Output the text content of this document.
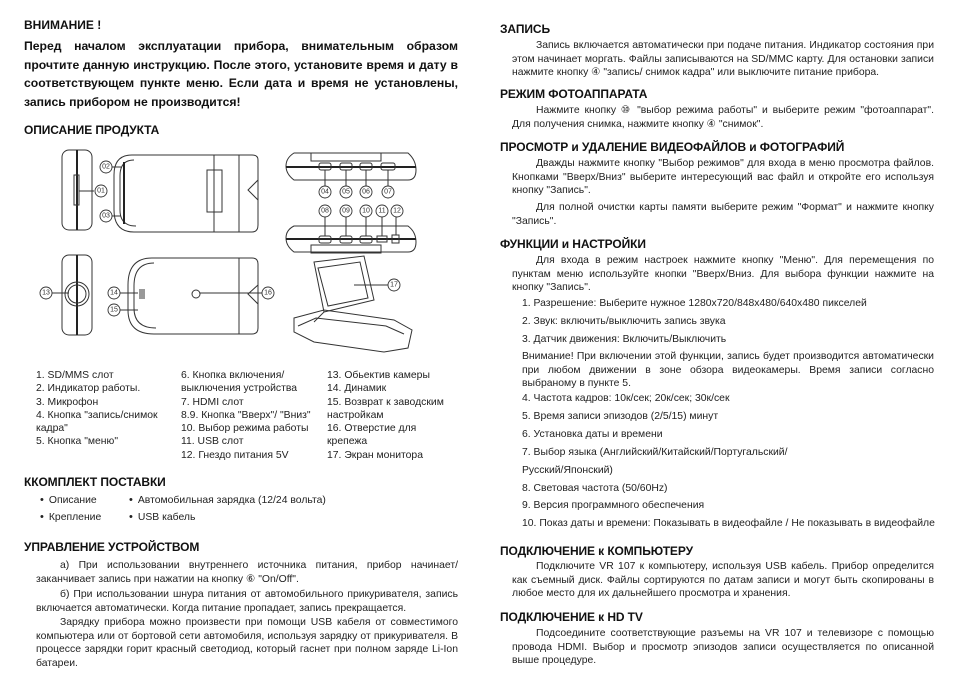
ВНИМАНИЕ !
Перед началом эксплуатации прибора, внимательным образом прочтите данную инструкцию. После этого, установите время и дату в соответствующем пункте меню. Если дата и время не установлены, запись прибором не производится!
ОПИСАНИЕ ПРОДУКТА
01
02
03
04 05 06 07
08 09 10 11 12
13	14
15
16
17
1. SD/MMS слот
2. Индикатор работы.
3. Микрофон
4. Кнопка "запись/снимок
кадра"
5. Кнопка "меню"
6. Кнопка включения/
выключения устройства
7. HDMI слот
8.9. Кнопка "Вверх"/ "Вниз"
10. Выбор режима работы
11. USB слот
12. Гнездо питания 5V
13. Обьектив камеры
14. Динамик
15. Возврат к заводским
настройкам
16. Отверстие для
крепежа
17. Экран монитора
ККОМПЛЕКТ ПОСТАВКИ
• Описание	• Автомобильная зарядка (12/24 вольта)
• Крепление	• USB кабель
УПРАВЛЕНИЕ УСТРОЙСТВОМ

а) При использовании внутреннего источника питания, прибор начинает/заканчивает запись при нажатии на кнопку ⑥ "On/Off".

б) При использовании шнура питания от автомобильного прикуривателя, запись включается автоматически. Когда питание пропадает, запись прекращается.

Зарядку прибора можно произвести при помощи USB кабеля от совместимого компьютера или от бортовой сети автомобиля, используя зарядку от прикуривателя. В процессе зарядки горит красный светодиод, который гаснет при полном заряде Li-Ion батареи.

ЗАПИСЬ

Запись включается автоматически при подаче питания. Индикатор состояния при этом начинает моргать. Файлы записываются на SD/MMC карту. Для остановки записи нажмите кнопку ④ "запись/ снимок кадра" или выключите питание прибора.

РЕЖИМ ФОТОАППАРАТА

Нажмите кнопку ⑩ "выбор режима работы" и выберите режим "фотоаппарат". Для получения снимка, нажмите кнопку ④ "снимок".

ПРОСМОТР и УДАЛЕНИЕ ВИДЕОФАЙЛОВ и ФОТОГРАФИЙ

Дважды нажмите кнопку "Выбор режимов" для входа в меню просмотра файлов. Кнопками "Вверх/Вниз" выберите интересующий вас файл и откройте его используя кнопку "Запись".

Для полной очистки карты памяти выберите режим "Формат" и нажмите кнопку "Запись".

ФУНКЦИИ и НАСТРОЙКИ

Для входа в режим настроек нажмите кнопку "Меню". Для перемещения по пунктам меню используйте кнопки "Вверх/Вниз. Для выбора функции нажмите на кнопку "Запись".

1. Разрешение: Выберите нужное 1280x720/848x480/640x480 пикселей
2. Звук: включить/выключить запись звука
3. Датчик движения: Включить/Выключить

Внимание! При включении этой функции, запись будет производится автоматически при любом движении в зоне обзора видеокамеры. Время записи согласно выбраному в пункте 5.

4. Частота кадров: 10к/сек; 20к/сек; 30к/сек
5. Время записи эпизодов (2/5/15) минут
6. Установка даты и времени
7. Выбор языка (Английский/Китайский/Португальский/
Русский/Японский)
8. Световая частота (50/60Hz)
9. Версия программного обеспечения
10. Показ даты и времени: Показывать в видеофайле / Не показывать в видеофайле
ПОДКЛЮЧЕНИЕ к КОМПЬЮТЕРУ

Подключите VR 107 к компьютеру, используя USB кабель. Прибор определится как съемный диск. Файлы сортируются по датам записи и могут быть скопированы в любое место для их дальнейшего просмотра и хранения.

ПОДКЛЮЧЕНИЕ к HD TV

Подсоедините соответствующие разъемы на VR 107 и телевизоре с помощью провода HDMI. Выбор и просмотр эпизодов записи осуществляется по описанной выше процедуре.
